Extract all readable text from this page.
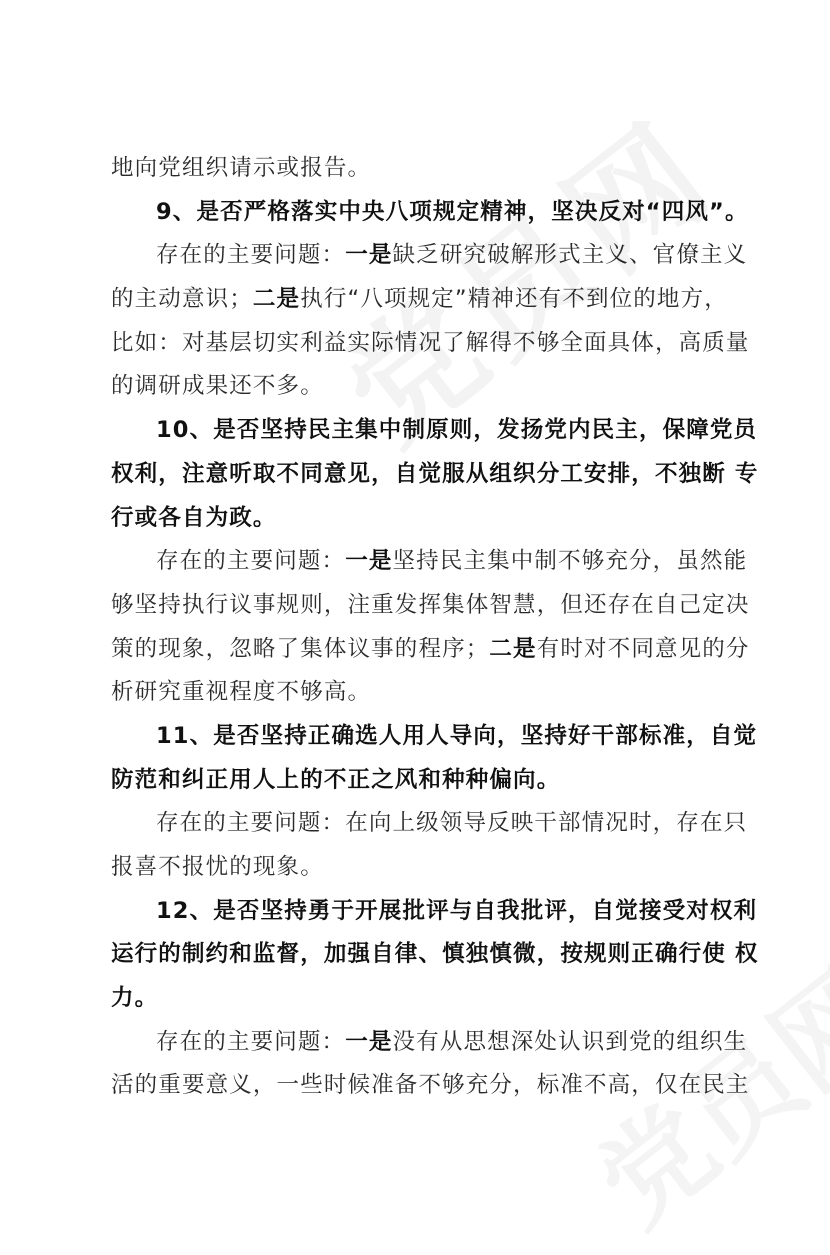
地向党组织请示或报告。
9、是否严格落实中央八项规定精神，坚决反对“四风”。
存在的主要问题：一是缺乏研究破解形式主义、官僚主义
的主动意识；二是执行“八项规定”精神还有不到位的地方，
比如：对基层切实利益实际情况了解得不够全面具体，高质量
的调研成果还不多。
10、是否坚持民主集中制原则，发扬党内民主，保障党员
权利，注意听取不同意见，自觉服从组织分工安排，不独断 专
行或各自为政。
存在的主要问题：一是坚持民主集中制不够充分，虽然能
够坚持执行议事规则，注重发挥集体智慧，但还存在自己定决
策的现象，忽略了集体议事的程序；二是有时对不同意见的分
析研究重视程度不够高。
11、是否坚持正确选人用人导向，坚持好干部标准，自觉
防范和纠正用人上的不正之风和种种偏向。
存在的主要问题：在向上级领导反映干部情况时，存在只
报喜不报忧的现象。
12、是否坚持勇于开展批评与自我批评，自觉接受对权利
运行的制约和监督，加强自律、慎独慎微，按规则正确行使 权
力。
存在的主要问题：一是没有从思想深处认识到党的组织生
活的重要意义，一些时候准备不够充分，标准不高，仅在民主
